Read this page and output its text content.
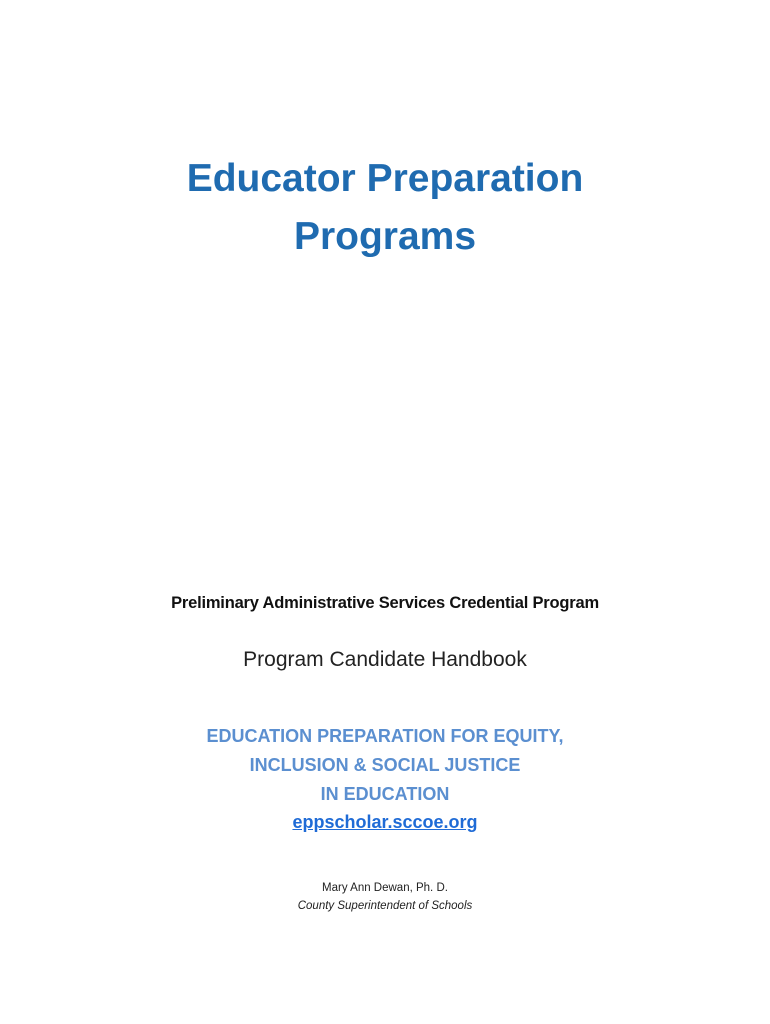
Educator Preparation
Programs

Preliminary Administrative Services Credential Program

Program Candidate Handbook

EDUCATION PREPARATION FOR EQUITY,
INCLUSION & SOCIAL JUSTICE
IN EDUCATION

eppscholar.sccoe.org

Mary Ann Dewan, Ph. D.

County Superintendent of Schools
